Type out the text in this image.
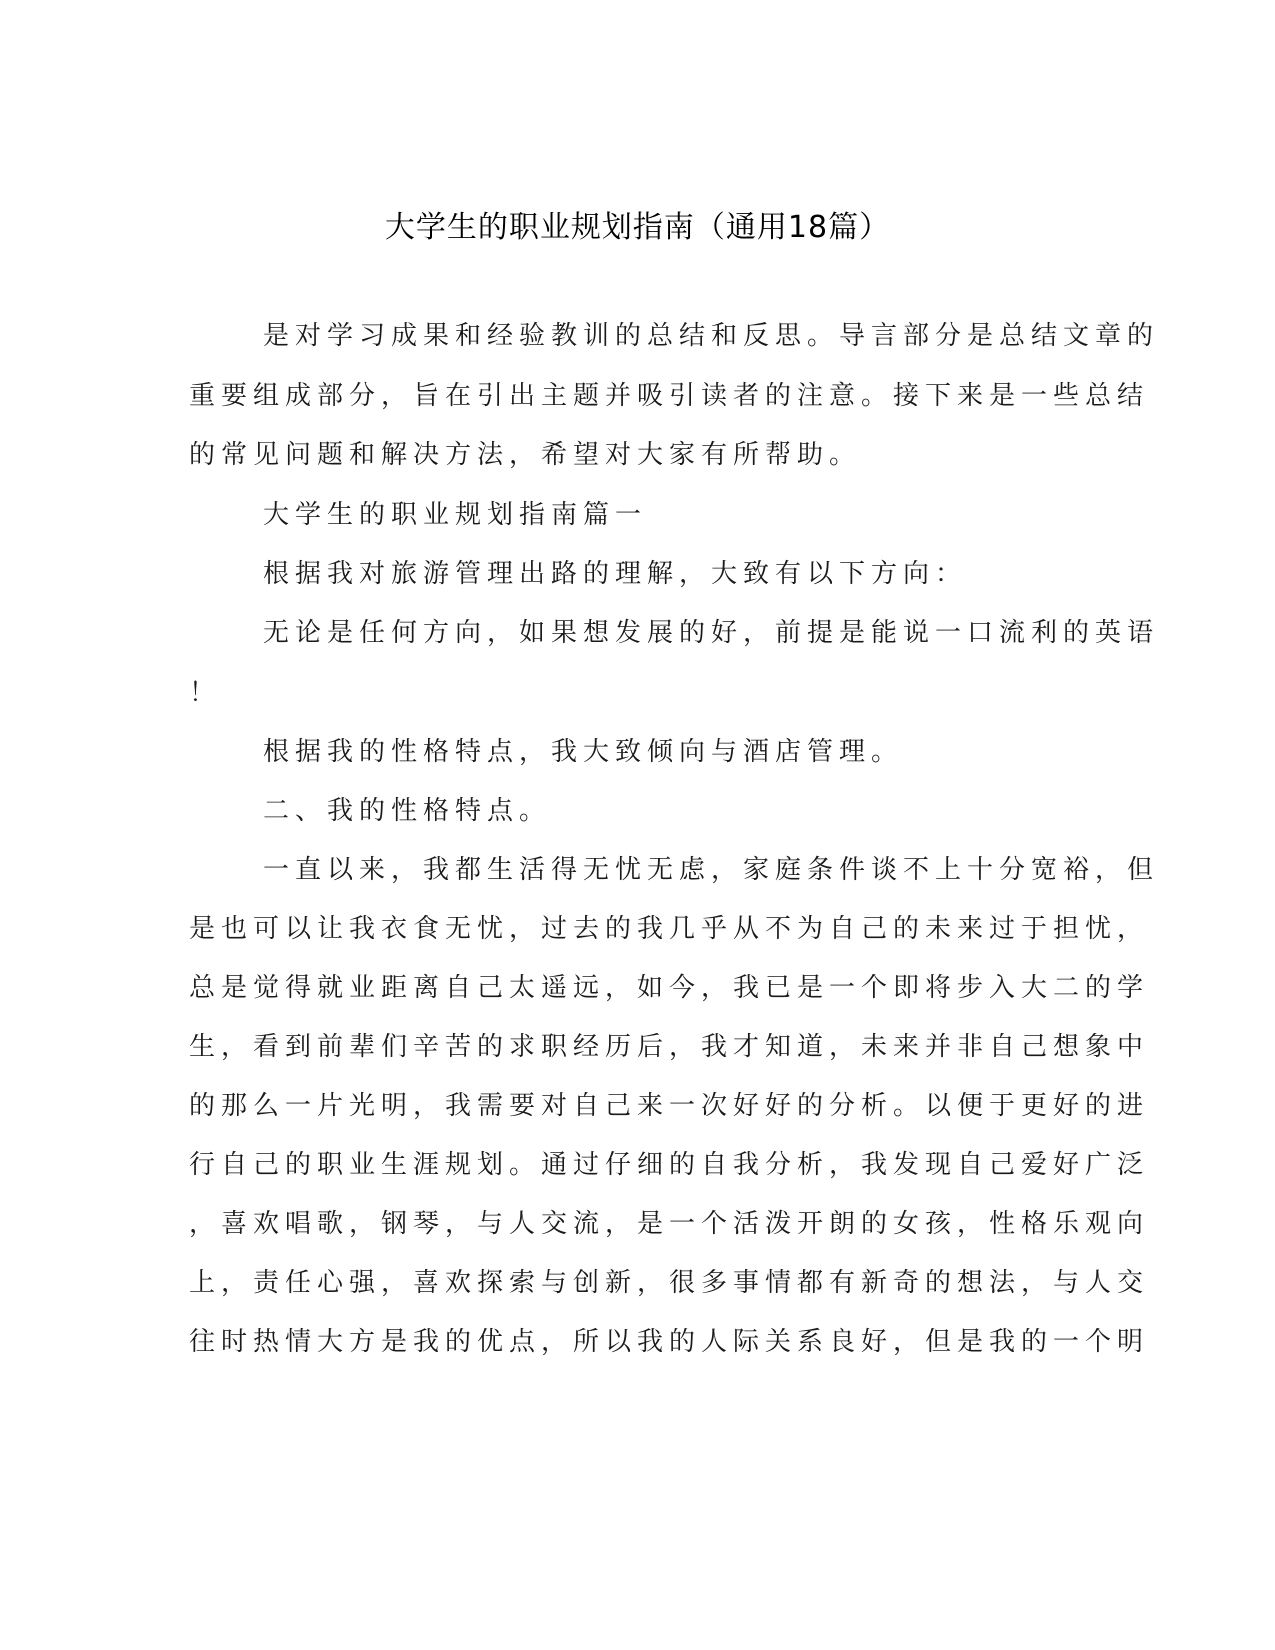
大学生的职业规划指南（通用18篇）
是对学习成果和经验教训的总结和反思。导言部分是总结文章的
重要组成部分，旨在引出主题并吸引读者的注意。接下来是一些总结
的常见问题和解决方法，希望对大家有所帮助。
大学生的职业规划指南篇一
根据我对旅游管理出路的理解，大致有以下方向：
无论是任何方向，如果想发展的好，前提是能说一口流利的英语
！
根据我的性格特点，我大致倾向与酒店管理。
二、我的性格特点。
一直以来，我都生活得无忧无虑，家庭条件谈不上十分宽裕，但
是也可以让我衣食无忧，过去的我几乎从不为自己的未来过于担忧，
总是觉得就业距离自己太遥远，如今，我已是一个即将步入大二的学
生，看到前辈们辛苦的求职经历后，我才知道，未来并非自己想象中
的那么一片光明，我需要对自己来一次好好的分析。以便于更好的进
行自己的职业生涯规划。通过仔细的自我分析，我发现自己爱好广泛
，喜欢唱歌，钢琴，与人交流，是一个活泼开朗的女孩，性格乐观向
上，责任心强，喜欢探索与创新，很多事情都有新奇的想法，与人交
往时热情大方是我的优点，所以我的人际关系良好，但是我的一个明
